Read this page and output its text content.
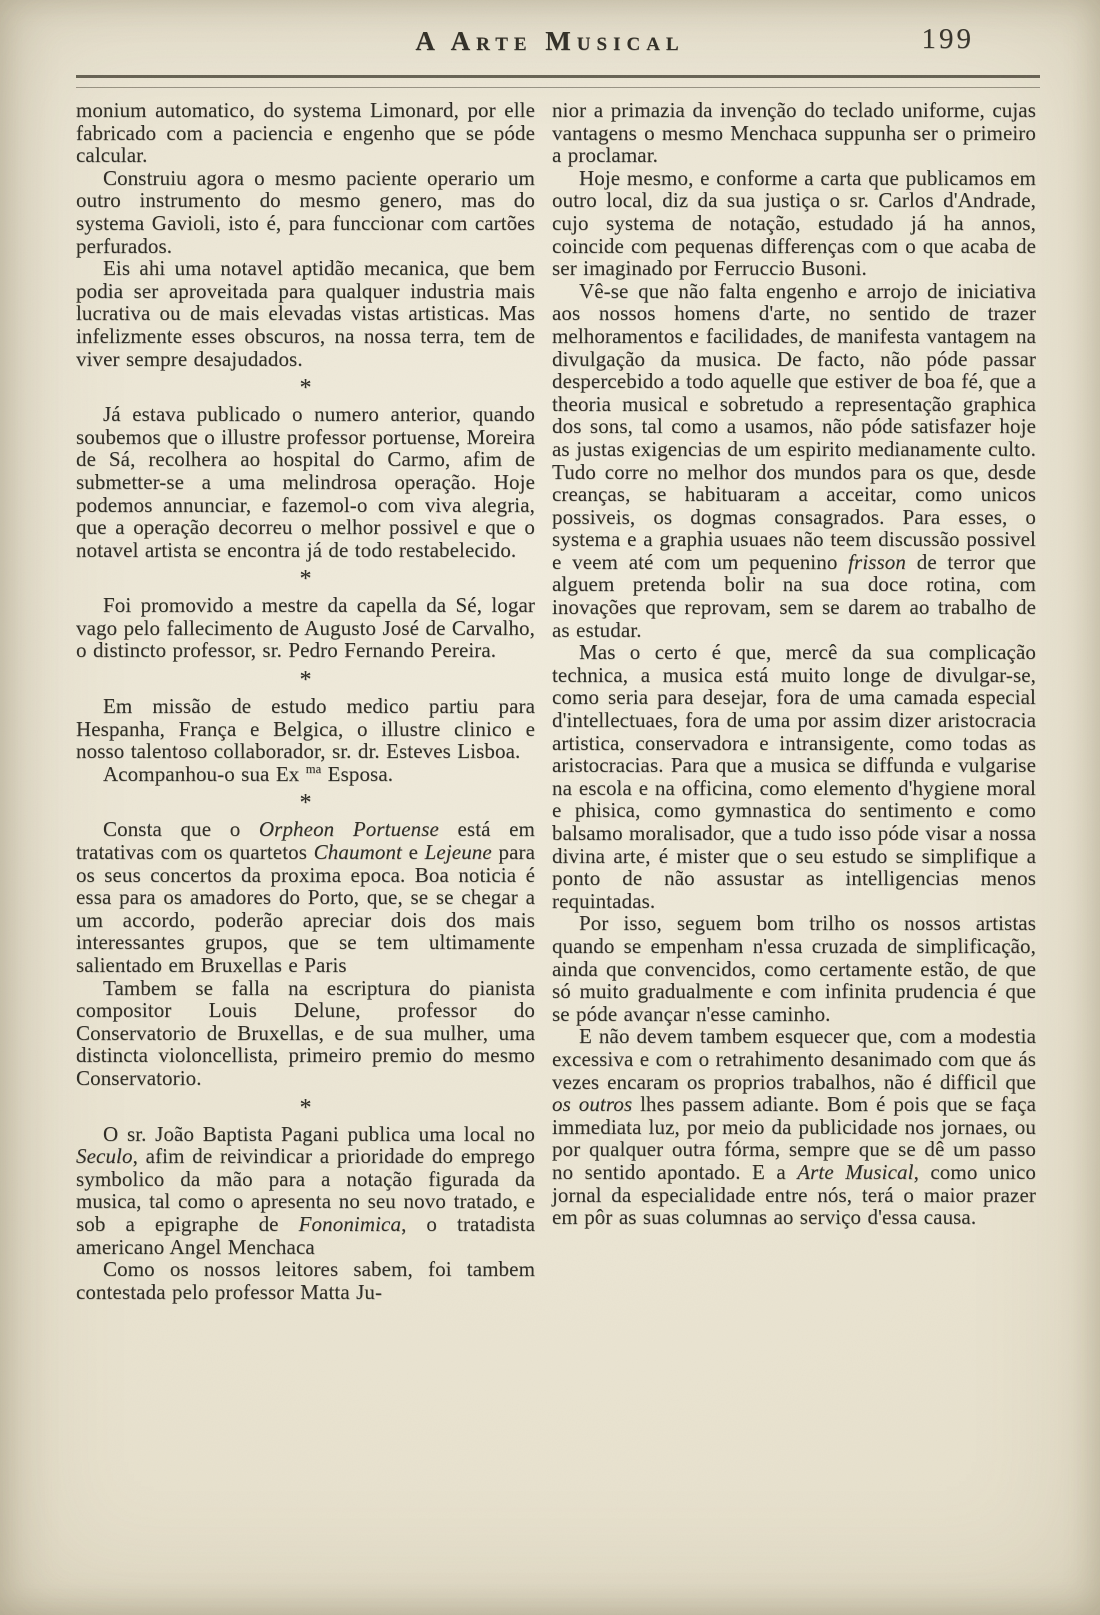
A Arte Musical	199

monium automatico, do systema Limonard, por elle fabricado com a paciencia e engenho que se póde calcular.

Construiu agora o mesmo paciente operario um outro instrumento do mesmo genero, mas do systema Gavioli, isto é, para funccionar com cartões perfurados.

Eis ahi uma notavel aptidão mecanica, que bem podia ser aproveitada para qualquer industria mais lucrativa ou de mais elevadas vistas artisticas. Mas infelizmente esses obscuros, na nossa terra, tem de viver sempre desajudados.

*

Já estava publicado o numero anterior, quando soubemos que o illustre professor portuense, Moreira de Sá, recolhera ao hospital do Carmo, afim de submetter-se a uma melindrosa operação. Hoje podemos annunciar, e fazemol-o com viva alegria, que a operação decorreu o melhor possivel e que o notavel artista se encontra já de todo restabelecido.

*

Foi promovido a mestre da capella da Sé, logar vago pelo fallecimento de Augusto José de Carvalho, o distincto professor, sr. Pedro Fernando Pereira.

*

Em missão de estudo medico partiu para Hespanha, França e Belgica, o illustre clinico e nosso talentoso collaborador, sr. dr. Esteves Lisboa.

Acompanhou-o sua Ex $^{ma}$ Esposa.

*

Consta que o Orpheon Portuense está em tratativas com os quartetos Chaumont e Lejeune para os seus concertos da proxima epoca. Boa noticia é essa para os amadores do Porto, que, se se chegar a um accordo, poderão apreciar dois dos mais interessantes grupos, que se tem ultimamente salientado em Bruxellas e Paris

Tambem se falla na escriptura do pianista compositor Louis Delune, professor do Conservatorio de Bruxellas, e de sua mulher, uma distincta violoncellista, primeiro premio do mesmo Conservatorio.

*

O sr. João Baptista Pagani publica uma local no Seculo, afim de reivindicar a prioridade do emprego symbolico da mão para a notação figurada da musica, tal como o apresenta no seu novo tratado, e sob a epigraphe de Fononimica, o tratadista americano Angel Menchaca

Como os nossos leitores sabem, foi tambem contestada pelo professor Matta Ju-

nior a primazia da invenção do teclado uniforme, cujas vantagens o mesmo Menchaca suppunha ser o primeiro a proclamar.

Hoje mesmo, e conforme a carta que publicamos em outro local, diz da sua justiça o sr. Carlos d'Andrade, cujo systema de notação, estudado já ha annos, coincide com pequenas differenças com o que acaba de ser imaginado por Ferruccio Busoni.

Vê-se que não falta engenho e arrojo de iniciativa aos nossos homens d'arte, no sentido de trazer melhoramentos e facilidades, de manifesta vantagem na divulgação da musica. De facto, não póde passar despercebido a todo aquelle que estiver de boa fé, que a theoria musical e sobretudo a representação graphica dos sons, tal como a usamos, não póde satisfazer hoje as justas exigencias de um espirito medianamente culto. Tudo corre no melhor dos mundos para os que, desde creanças, se habituaram a acceitar, como unicos possiveis, os dogmas consagrados. Para esses, o systema e a graphia usuaes não teem discussão possivel e veem até com um pequenino frisson de terror que alguem pretenda bolir na sua doce rotina, com inovações que reprovam, sem se darem ao trabalho de as estudar.

Mas o certo é que, mercê da sua complicação technica, a musica está muito longe de divulgar-se, como seria para desejar, fora de uma camada especial d'intellectuaes, fora de uma por assim dizer aristocracia artistica, conservadora e intransigente, como todas as aristocracias. Para que a musica se diffunda e vulgarise na escola e na officina, como elemento d'hygiene moral e phisica, como gymnastica do sentimento e como balsamo moralisador, que a tudo isso póde visar a nossa divina arte, é mister que o seu estudo se simplifique a ponto de não assustar as intelligencias menos requintadas.

Por isso, seguem bom trilho os nossos artistas quando se empenham n'essa cruzada de simplificação, ainda que convencidos, como certamente estão, de que só muito gradualmente e com infinita prudencia é que se póde avançar n'esse caminho.

E não devem tambem esquecer que, com a modestia excessiva e com o retrahimento desanimado com que ás vezes encaram os proprios trabalhos, não é difficil que os outros lhes passem adiante. Bom é pois que se faça immediata luz, por meio da publicidade nos jornaes, ou por qualquer outra fórma, sempre que se dê um passo no sentido apontado. E a Arte Musical, como unico jornal da especialidade entre nós, terá o maior prazer em pôr as suas columnas ao serviço d'essa causa.
